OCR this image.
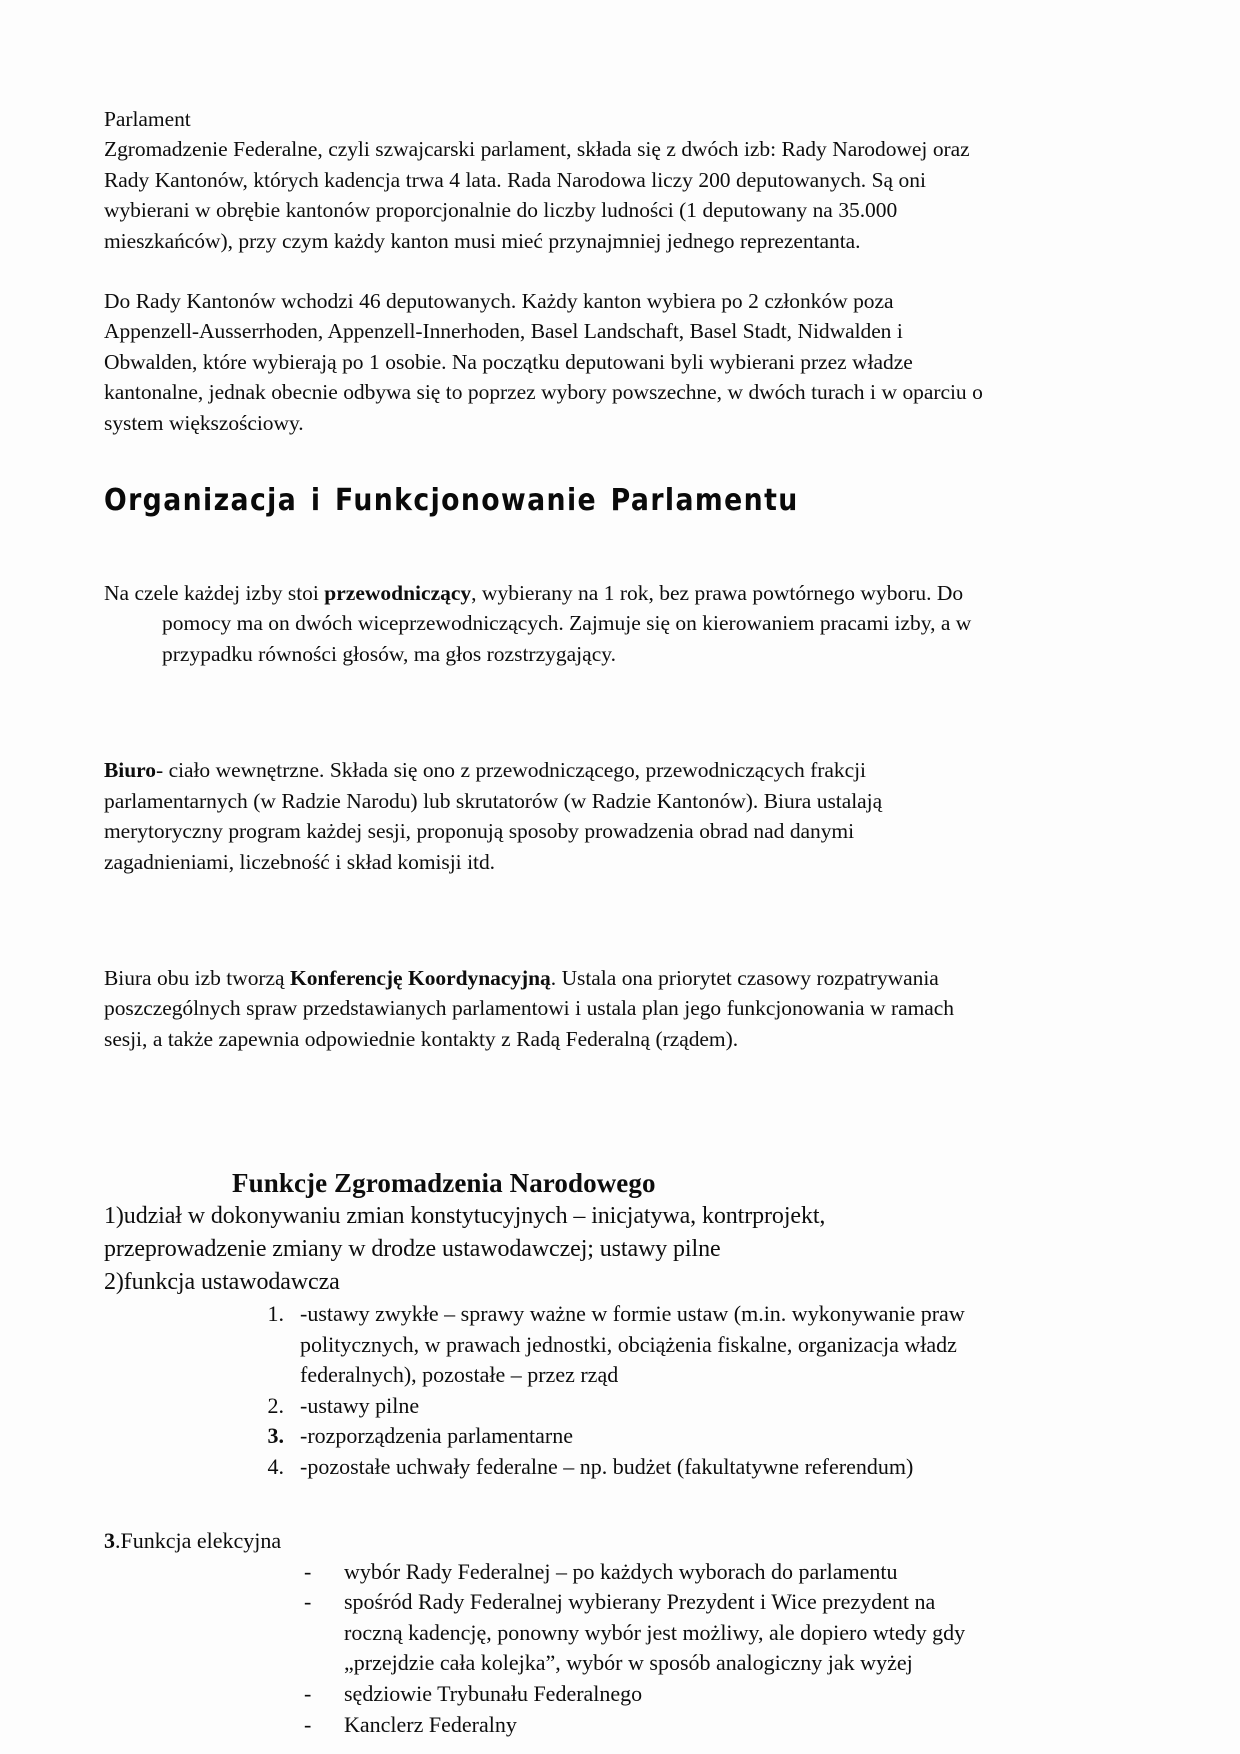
Parlament

Zgromadzenie Federalne, czyli szwajcarski parlament, składa się z dwóch izb: Rady Narodowej oraz Rady Kantonów, których kadencja trwa 4 lata. Rada Narodowa liczy 200 deputowanych. Są oni wybierani w obrębie kantonów proporcjonalnie do liczby ludności (1 deputowany na 35.000 mieszkańców), przy czym każdy kanton musi mieć przynajmniej jednego reprezentanta.

Do Rady Kantonów wchodzi 46 deputowanych. Każdy kanton wybiera po 2 członków poza Appenzell-Ausserrhoden, Appenzell-Innerhoden, Basel Landschaft, Basel Stadt, Nidwalden i Obwalden, które wybierają po 1 osobie. Na początku deputowani byli wybierani przez władze kantonalne, jednak obecnie odbywa się to poprzez wybory powszechne, w dwóch turach i w oparciu o system większościowy.

Organizacja i Funkcjonowanie Parlamentu

Na czele każdej izby stoi przewodniczący, wybierany na 1 rok, bez prawa powtórnego wyboru. Do pomocy ma on dwóch wiceprzewodniczących. Zajmuje się on kierowaniem pracami izby, a w przypadku równości głosów, ma głos rozstrzygający.

Biuro- ciało wewnętrzne. Składa się ono z przewodniczącego, przewodniczących frakcji parlamentarnych (w Radzie Narodu) lub skrutatorów (w Radzie Kantonów). Biura ustalają merytoryczny program każdej sesji, proponują sposoby prowadzenia obrad nad danymi zagadnieniami, liczebność i skład komisji itd.

Biura obu izb tworzą Konferencję Koordynacyjną. Ustala ona priorytet czasowy rozpatrywania poszczególnych spraw przedstawianych parlamentowi i ustala plan jego funkcjonowania w ramach sesji, a także zapewnia odpowiednie kontakty z Radą Federalną (rządem).

Funkcje Zgromadzenia Narodowego

1)udział w dokonywaniu zmian konstytucyjnych – inicjatywa, kontrprojekt, przeprowadzenie zmiany w drodze ustawodawczej; ustawy pilne

2)funkcja ustawodawcza

1. -ustawy zwykłe – sprawy ważne w formie ustaw (m.in. wykonywanie praw politycznych, w prawach jednostki, obciążenia fiskalne, organizacja władz federalnych), pozostałe – przez rząd
2. -ustawy pilne
3. -rozporządzenia parlamentarne
4. -pozostałe uchwały federalne – np. budżet (fakultatywne referendum)

3.Funkcja elekcyjna

- wybór Rady Federalnej – po każdych wyborach do parlamentu
- spośród Rady Federalnej wybierany Prezydent i Wice prezydent na roczną kadencję, ponowny wybór jest możliwy, ale dopiero wtedy gdy „przejdzie cała kolejka”, wybór w sposób analogiczny jak wyżej
- sędziowie Trybunału Federalnego
- Kanclerz Federalny
